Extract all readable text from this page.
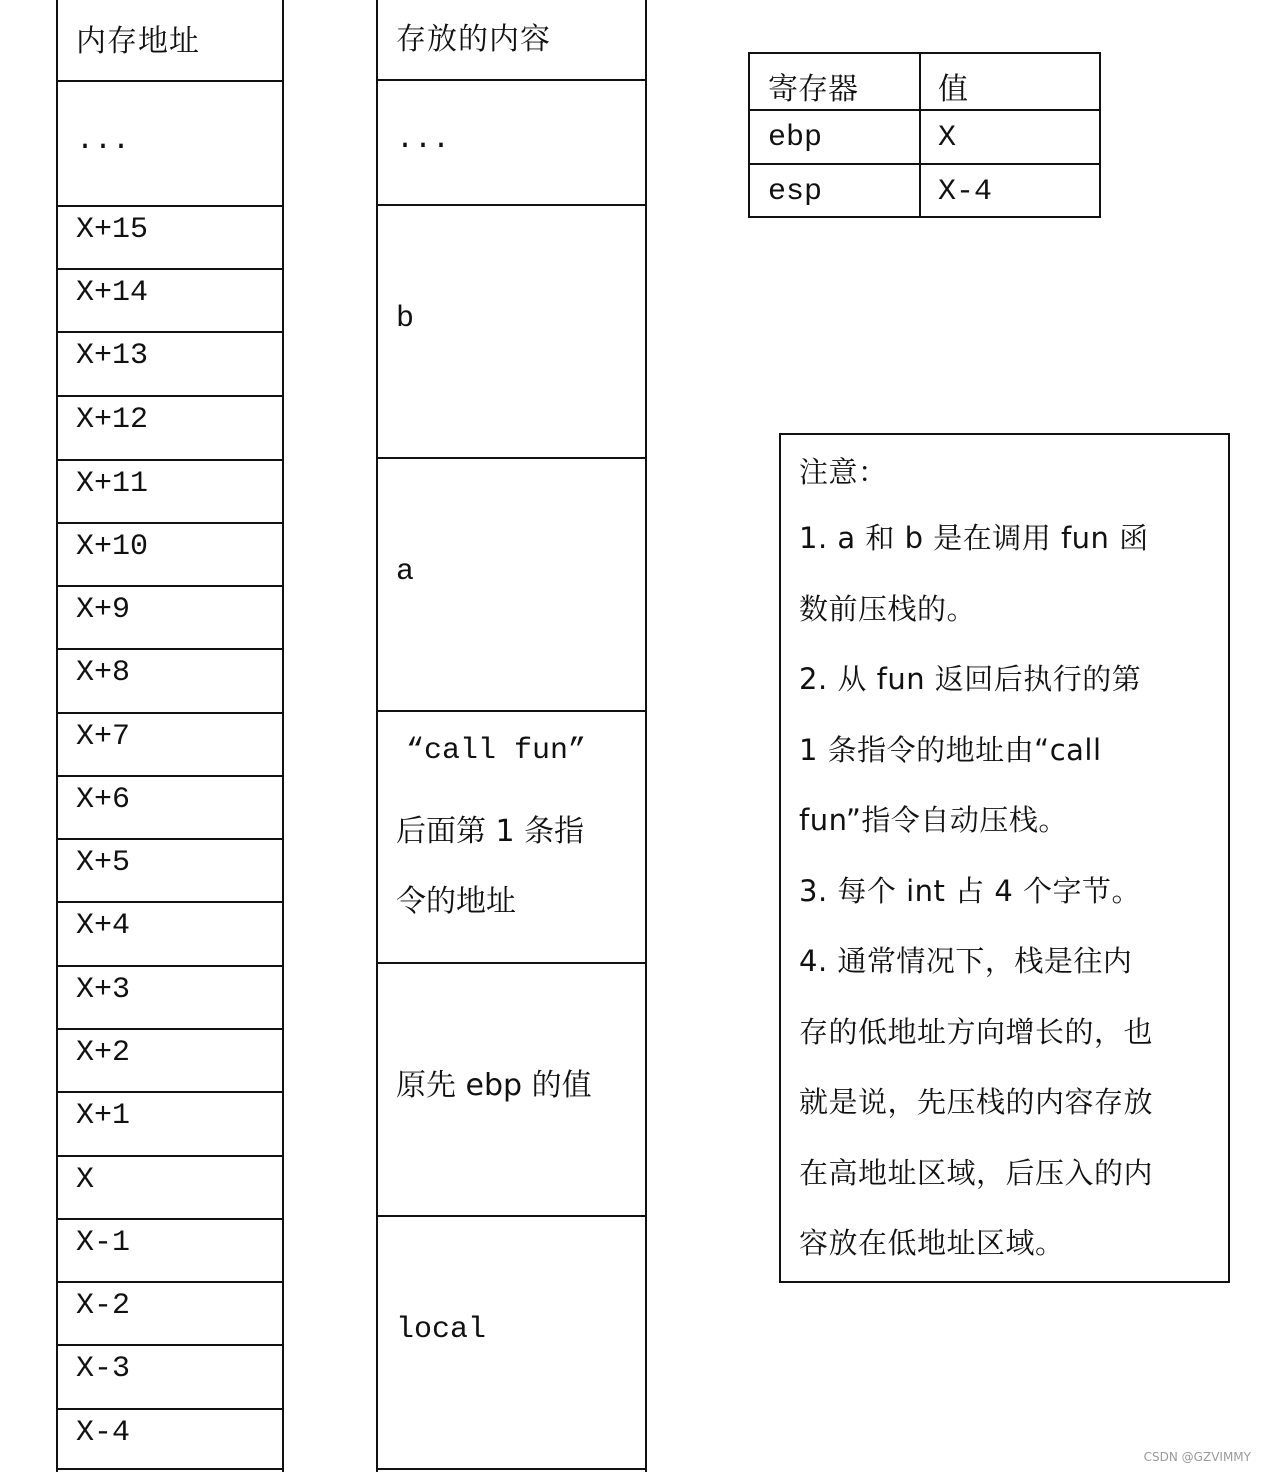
内存地址
...
X+15
X+14
X+13
X+12
X+11
X+10
X+9
X+8
X+7
X+6
X+5
X+4
X+3
X+2
X+1
X
X-1
X-2
X-3
X-4
存放的内容
...
b
a
“call fun”
后面第 1 条指
令的地址
原先 ebp 的值
local
寄存器	值
ebp	X
esp	X-4
注意：
1. a 和 b 是在调用 fun 函
数前压栈的。
2. 从 fun 返回后执行的第
1 条指令的地址由“call
fun”指令自动压栈。
3. 每个 int 占 4 个字节。
4. 通常情况下，栈是往内
存的低地址方向增长的，也
就是说，先压栈的内容存放
在高地址区域，后压入的内
容放在低地址区域。
CSDN @GZVIMMY
